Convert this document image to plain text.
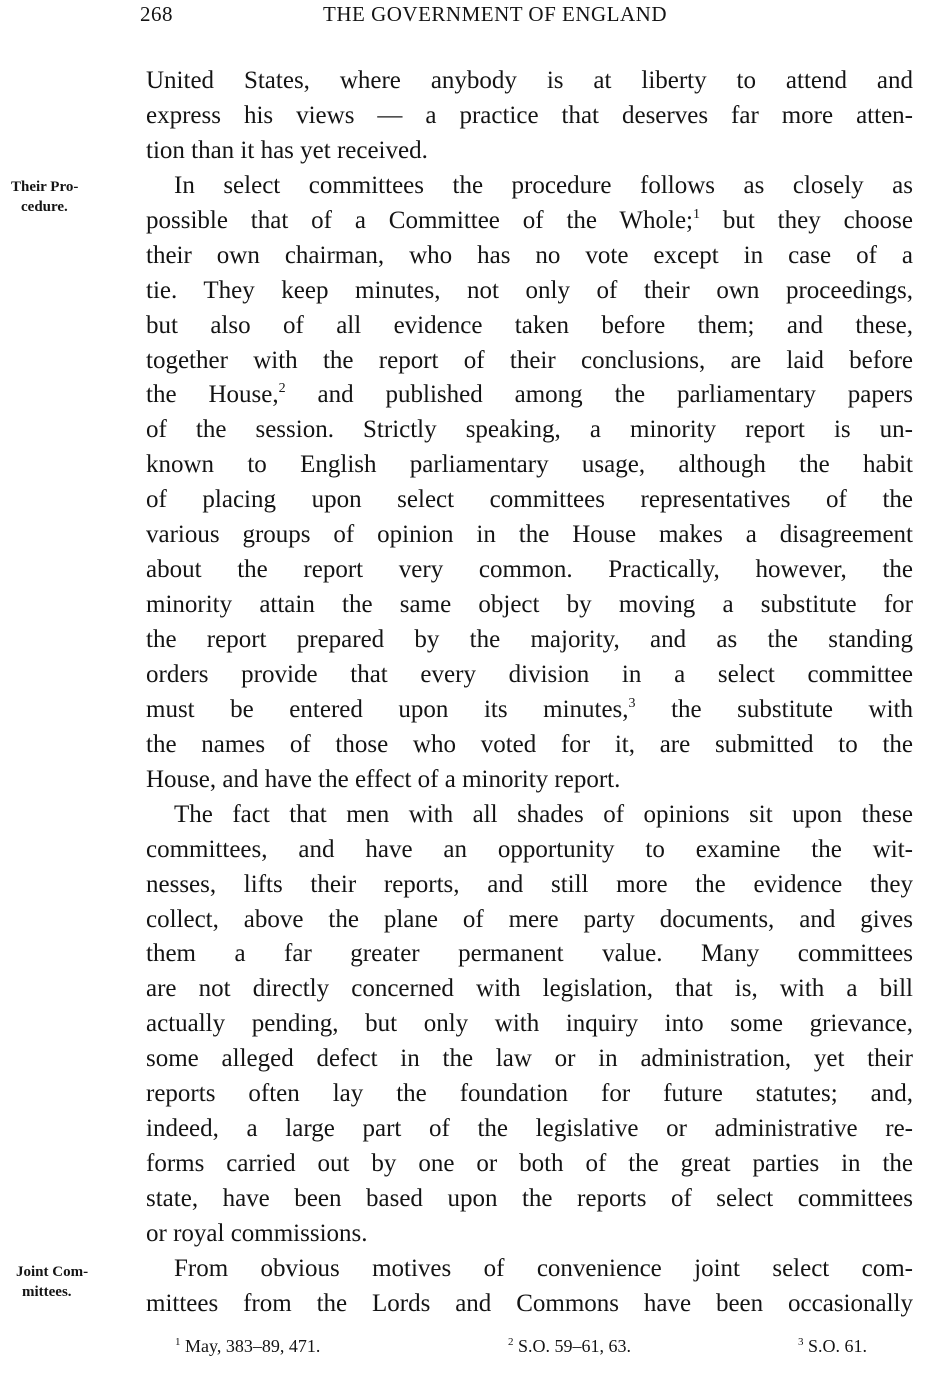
268	THE GOVERNMENT OF ENGLAND
Their Pro-
cedure.
Joint Com-
mittees.
United States, where anybody is at liberty to attend and
express his views — a practice that deserves far more atten-
tion than it has yet received.
In select committees the procedure follows as closely as
possible that of a Committee of the Whole;$^1$ but they choose
their own chairman, who has no vote except in case of a
tie. They keep minutes, not only of their own proceedings,
but also of all evidence taken before them; and these,
together with the report of their conclusions, are laid before
the House,$^2$ and published among the parliamentary papers
of the session. Strictly speaking, a minority report is un-
known to English parliamentary usage, although the habit
of placing upon select committees representatives of the
various groups of opinion in the House makes a disagreement
about the report very common. Practically, however, the
minority attain the same object by moving a substitute for
the report prepared by the majority, and as the standing
orders provide that every division in a select committee
must be entered upon its minutes,$^3$ the substitute with
the names of those who voted for it, are submitted to the
House, and have the effect of a minority report.
The fact that men with all shades of opinions sit upon these
committees, and have an opportunity to examine the wit-
nesses, lifts their reports, and still more the evidence they
collect, above the plane of mere party documents, and gives
them a far greater permanent value. Many committees
are not directly concerned with legislation, that is, with a bill
actually pending, but only with inquiry into some grievance,
some alleged defect in the law or in administration, yet their
reports often lay the foundation for future statutes; and,
indeed, a large part of the legislative or administrative re-
forms carried out by one or both of the great parties in the
state, have been based upon the reports of select committees
or royal commissions.
From obvious motives of convenience joint select com-
mittees from the Lords and Commons have been occasionally
$^1$ May, 383–89, 471.	$^2$ S.O. 59–61, 63.	$^3$ S.O. 61.
